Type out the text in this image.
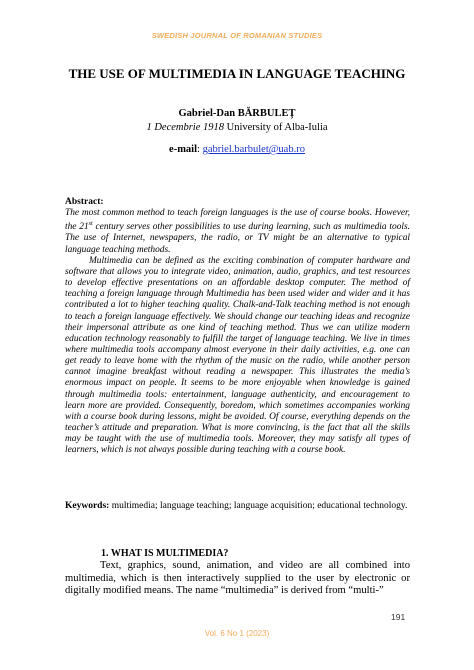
SWEDISH JOURNAL OF ROMANIAN STUDIES
THE USE OF MULTIMEDIA IN LANGUAGE TEACHING
Gabriel-Dan BĂRBULEȚ
1 Decembrie 1918 University of Alba-Iulia
e-mail: gabriel.barbulet@uab.ro
Abstract:

The most common method to teach foreign languages is the use of course books. However, the 21st century serves other possibilities to use during learning, such as multimedia tools. The use of Internet, newspapers, the radio, or TV might be an alternative to typical language teaching methods.

Multimedia can be defined as the exciting combination of computer hardware and software that allows you to integrate video, animation, audio, graphics, and test resources to develop effective presentations on an affordable desktop computer. The method of teaching a foreign language through Multimedia has been used wider and wider and it has contributed a lot to higher teaching quality. Chalk-and-Talk teaching method is not enough to teach a foreign language effectively. We should change our teaching ideas and recognize their impersonal attribute as one kind of teaching method. Thus we can utilize modern education technology reasonably to fulfill the target of language teaching. We live in times where multimedia tools accompany almost everyone in their daily activities, e.g. one can get ready to leave home with the rhythm of the music on the radio, while another person cannot imagine breakfast without reading a newspaper. This illustrates the media’s enormous impact on people. It seems to be more enjoyable when knowledge is gained through multimedia tools: entertainment, language authenticity, and encouragement to learn more are provided. Consequently, boredom, which sometimes accompanies working with a course book during lessons, might be avoided. Of course, everything depends on the teacher’s attitude and preparation. What is more convincing, is the fact that all the skills may be taught with the use of multimedia tools. Moreover, they may satisfy all types of learners, which is not always possible during teaching with a course book.

Keywords: multimedia; language teaching; language acquisition; educational technology.
1. WHAT IS MULTIMEDIA?

Text, graphics, sound, animation, and video are all combined into multimedia, which is then interactively supplied to the user by electronic or digitally modified means. The name “multimedia” is derived from “multi-”

191
Vol. 6 No 1 (2023)
